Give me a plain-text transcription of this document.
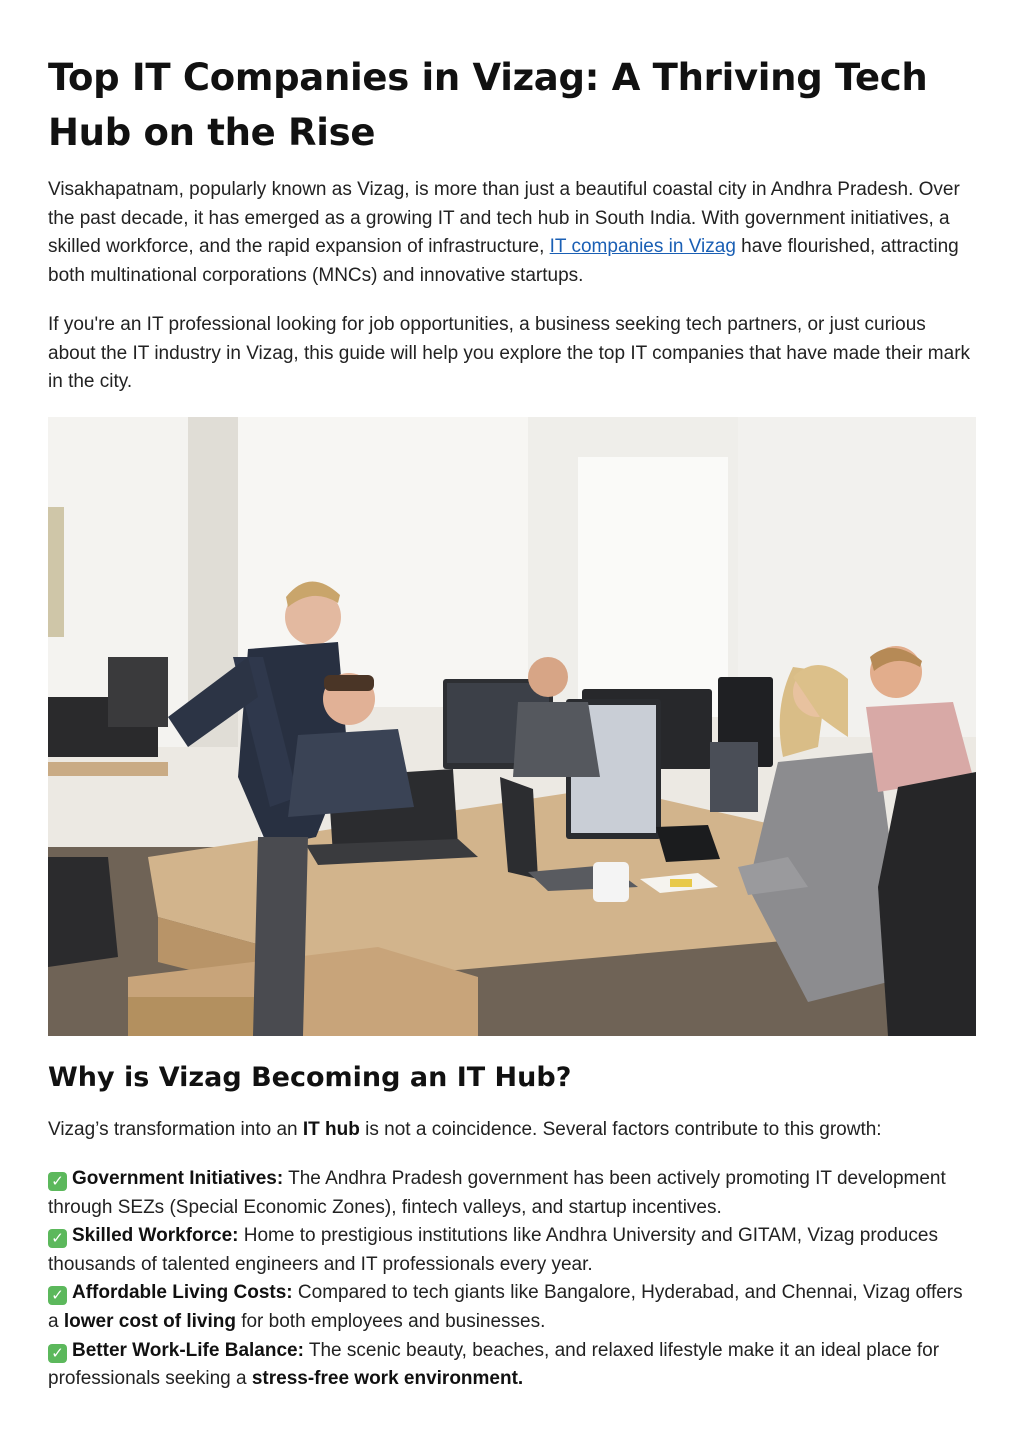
Top IT Companies in Vizag: A Thriving Tech Hub on the Rise

Visakhapatnam, popularly known as Vizag, is more than just a beautiful coastal city in Andhra Pradesh. Over the past decade, it has emerged as a growing IT and tech hub in South India. With government initiatives, a skilled workforce, and the rapid expansion of infrastructure, IT companies in Vizag have flourished, attracting both multinational corporations (MNCs) and innovative startups.

If you're an IT professional looking for job opportunities, a business seeking tech partners, or just curious about the IT industry in Vizag, this guide will help you explore the top IT companies that have made their mark in the city.

Why is Vizag Becoming an IT Hub?

Vizag’s transformation into an IT hub is not a coincidence. Several factors contribute to this growth:

✓ Government Initiatives: The Andhra Pradesh government has been actively promoting IT development through SEZs (Special Economic Zones), fintech valleys, and startup incentives.
✓ Skilled Workforce: Home to prestigious institutions like Andhra University and GITAM, Vizag produces thousands of talented engineers and IT professionals every year.
✓ Affordable Living Costs: Compared to tech giants like Bangalore, Hyderabad, and Chennai, Vizag offers a lower cost of living for both employees and businesses.
✓ Better Work-Life Balance: The scenic beauty, beaches, and relaxed lifestyle make it an ideal place for professionals seeking a stress-free work environment.
